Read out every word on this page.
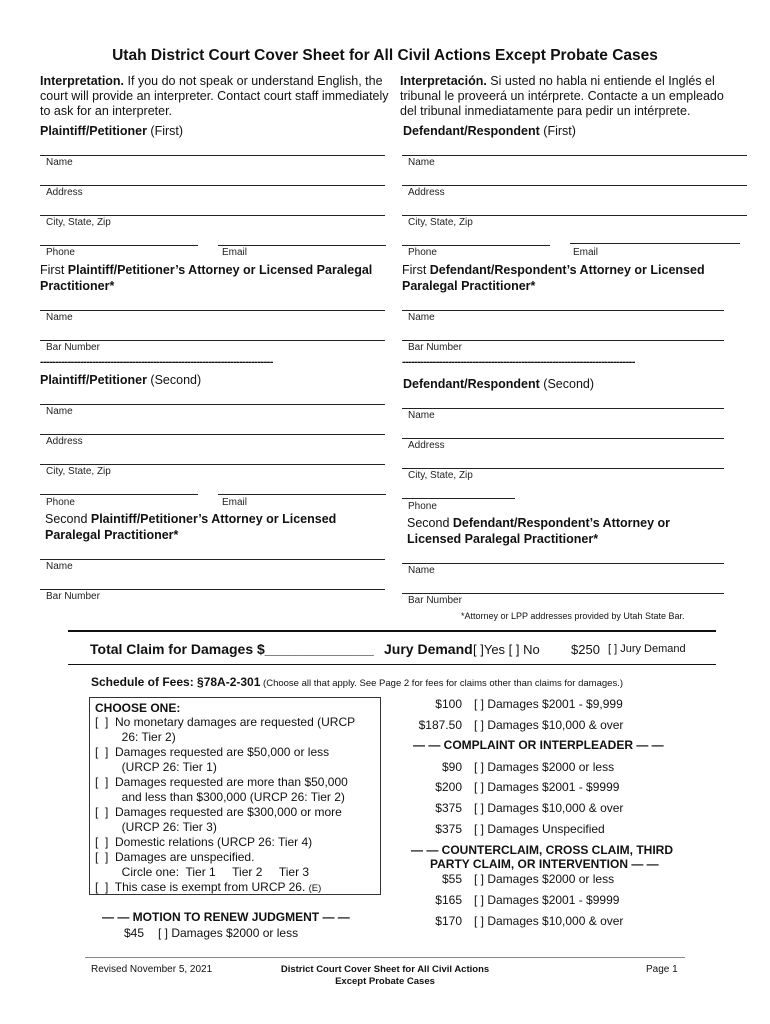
Utah District Court Cover Sheet for All Civil Actions Except Probate Cases
Interpretation. If you do not speak or understand English, the court will provide an interpreter. Contact court staff immediately to ask for an interpreter.
Interpretación. Si usted no habla ni entiende el Inglés el tribunal le proveerá un intérprete. Contacte a un empleado del tribunal inmediatamente para pedir un intérprete.
Plaintiff/Petitioner (First)
Name
Address
City, State, Zip
Phone	Email
First Plaintiff/Petitioner’s Attorney or Licensed Paralegal Practitioner*
Name
Bar Number
----------------------------------------------------------------------------
Defendant/Respondent (First)
Name
Address
City, State, Zip
Phone	Email
First Defendant/Respondent’s Attorney or Licensed Paralegal Practitioner*
Name
Bar Number
----------------------------------------------------------------------------
Plaintiff/Petitioner (Second)
Name
Address
City, State, Zip
Phone	Email
Second Plaintiff/Petitioner’s Attorney or Licensed Paralegal Practitioner*
Name
Bar Number
Defendant/Respondent (Second)
Name
Address
City, State, Zip
Phone
Second Defendant/Respondent’s Attorney or Licensed Paralegal Practitioner*
Name
Bar Number
*Attorney or LPP addresses provided by Utah State Bar.
Total Claim for Damages $______________ Jury Demand [ ]Yes [ ] No $250 [ ] Jury Demand
Schedule of Fees: §78A-2-301 (Choose all that apply. See Page 2 for fees for claims other than claims for damages.)
CHOOSE ONE:
[  ]  No monetary damages are requested (URCP
26: Tier 2)
[  ]  Damages requested are $50,000 or less
(URCP 26: Tier 1)
[  ]  Damages requested are more than $50,000
and less than $300,000 (URCP 26: Tier 2)
[  ]  Damages requested are $300,000 or more
(URCP 26: Tier 3)
[  ]  Domestic relations (URCP 26: Tier 4)
[  ]  Damages are unspecified.
Circle one:  Tier 1     Tier 2     Tier 3
[  ]  This case is exempt from URCP 26. (E)
— — MOTION TO RENEW JUDGMENT — —
$45 [ ] Damages $2000 or less
$100 [ ] Damages $2001 - $9,999
$187.50 [ ] Damages $10,000 & over
— — COMPLAINT OR INTERPLEADER — —
$90 [ ] Damages $2000 or less
$200 [ ] Damages $2001 - $9999
$375 [ ] Damages $10,000 & over
$375 [ ] Damages Unspecified
— — COUNTERCLAIM, CROSS CLAIM, THIRD
PARTY CLAIM, OR INTERVENTION — —
$55 [ ] Damages $2000 or less
$165 [ ] Damages $2001 - $9999
$170 [ ] Damages $10,000 & over
Revised November 5, 2021	District Court Cover Sheet for All Civil Actions
Except Probate Cases
Page 1
